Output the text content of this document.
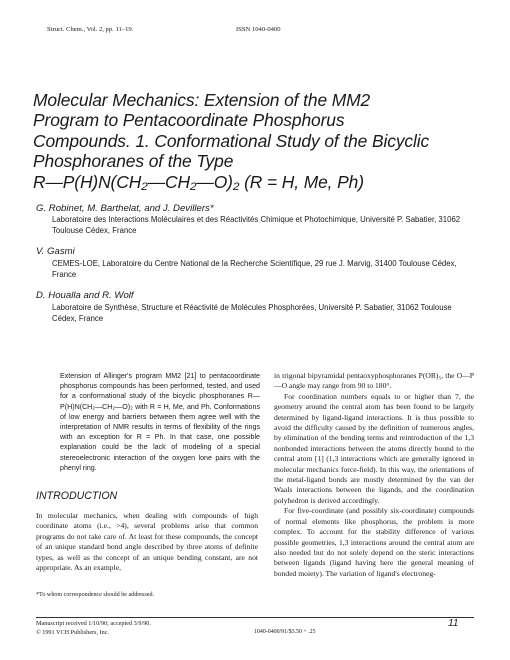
Struct. Chem., Vol. 2, pp. 11–19.	ISSN 1040-0400
Molecular Mechanics: Extension of the MM2
Program to Pentacoordinate Phosphorus
Compounds. 1. Conformational Study of the Bicyclic
Phosphoranes of the Type
R—P(H)N(CH₂—CH₂—O)₂ (R = H, Me, Ph)
G. Robinet, M. Barthelat, and J. Devillers*
Laboratoire des Interactions Moléculaires et des Réactivités Chimique et Photochimique, Université P. Sabatier, 31062 Toulouse Cédex, France
V. Gasmi
CEMES-LOE, Laboratoire du Centre National de la Recherche Scientifique, 29 rue J. Marvig, 31400 Toulouse Cédex, France
D. Houalla and R. Wolf
Laboratoire de Synthèse, Structure et Réactivité de Molécules Phosphorées, Université P. Sabatier, 31062 Toulouse Cédex, France
Extension of Allinger's program MM2 [21] to pentacoordinate phosphorus compounds has been performed, tested, and used for a conformational study of the bicyclic phosphoranes R—P(H)N(CH₂—CH₂—O)₂ with R = H, Me, and Ph. Conformations of low energy and barriers between them agree well with the interpretation of NMR results in terms of flexibility of the rings with an exception for R = Ph. In that case, one possible explanation could be the lack of modeling of a special stereoelectronic interaction of the oxygen lone pairs with the phenyl ring.
INTRODUCTION
In molecular mechanics, when dealing with compounds of high coordinate atoms (i.e., >4), several problems arise that common programs do not take care of. At least for these compounds, the concept of an unique standard bond angle described by three atoms of definite types, as well as the concept of an unique bending constant, are not appropriate. As an example,
*To whom correspondence should be addressed.

in trigonal bipyramidal pentaoxyphosphoranes P(OR)₅, the O—P—O angle may range from 90 to 180°.

For coordination numbers equals to or higher than 7, the geometry around the central atom has been found to be largely determined by ligand-ligand interactions. It is thus possible to avoid the difficulty caused by the definition of numerous angles, by elimination of the bending terms and reintroduction of the 1,3 nonbonded interactions between the atoms directly bound to the central atom [1] (1,3 interactions which are generally ignored in molecular mechanics force-field). In this way, the orientations of the metal-ligand bonds are mostly determined by the van der Waals interactions between the ligands, and the coordination polyhedron is derived accordingly.

For five-coordinate (and possibly six-coordinate) compounds of normal elements like phosphorus, the problem is more complex. To account for the stability difference of various possible geometries, 1,3 interactions around the central atom are also needed but do not solely depend on the steric interactions between ligands (ligand having here the general meaning of bonded moiety). The variation of ligand's electroneg-

Manuscript received 1/10/90; accepted 3/9/90.
© 1991 VCH Publishers, Inc.	1040-0400/91/$3.50 + .25
11
